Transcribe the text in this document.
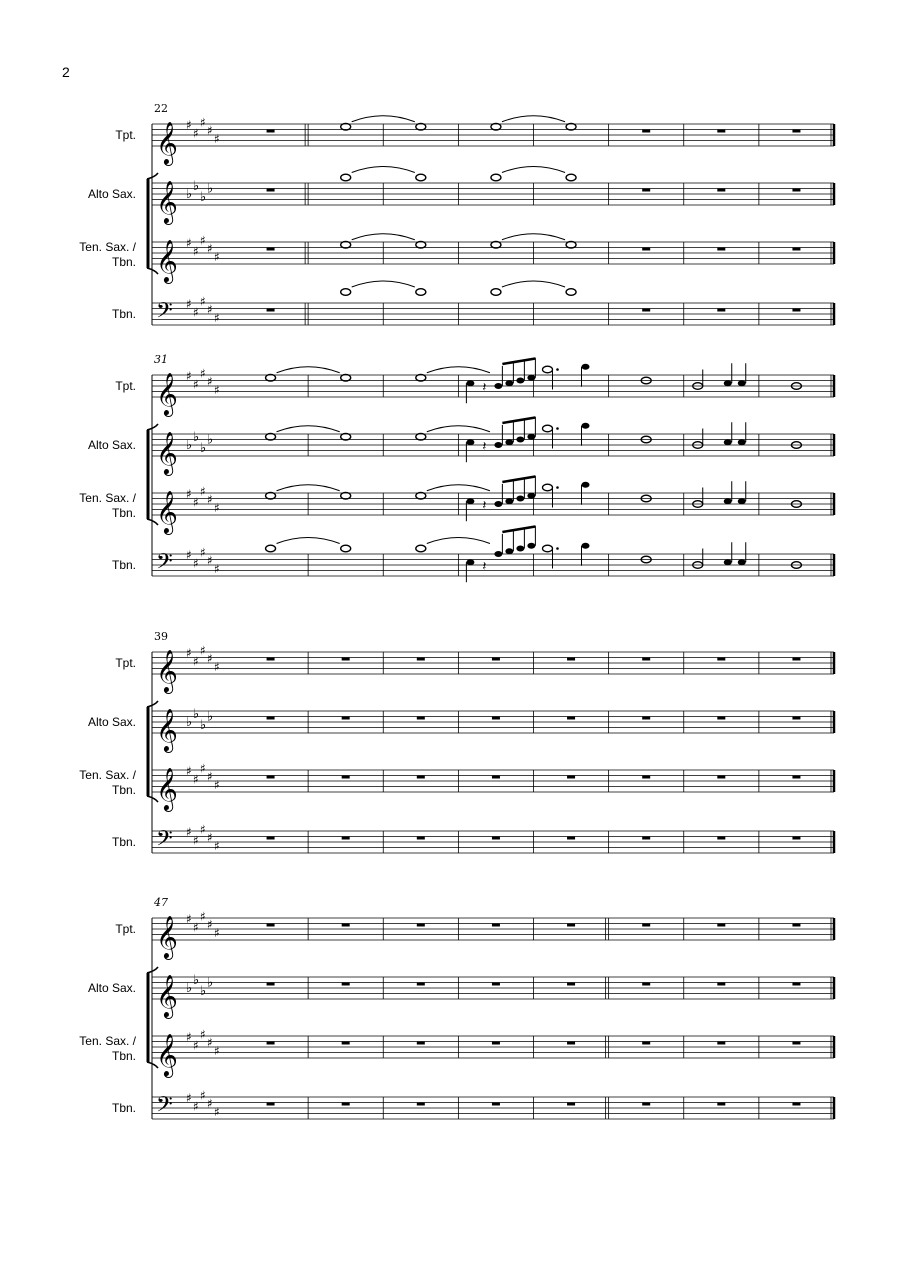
2
22
Tpt. 𝄞 ♯
♯
♯
♯
♯
Alto Sax. 𝄞 ♭
♭
♭
♭
Ten. Sax. /
Tbn. 𝄞 ♯
♯
♯
♯
♯
Tbn. 𝄢 ♯
♯
♯
♯
♯
31
Tpt. 𝄞 ♯
♯
♯
♯
♯	𝄽
Alto Sax. 𝄞 ♭
♭
♭
♭	𝄽
Ten. Sax. /
Tbn. 𝄞 ♯
♯
♯
♯
♯	𝄽
Tbn. 𝄢 ♯
♯
♯
♯
♯	𝄽
39
Tpt. 𝄞 ♯
♯
♯
♯
♯
Alto Sax. 𝄞 ♭
♭
♭
♭
Ten. Sax. /
Tbn. 𝄞 ♯
♯
♯
♯
♯
Tbn. 𝄢 ♯
♯
♯
♯
♯
47
Tpt. 𝄞 ♯
♯
♯
♯
♯
Alto Sax. 𝄞 ♭
♭
♭
♭
Ten. Sax. /
Tbn. 𝄞 ♯
♯
♯
♯
♯
Tbn. 𝄢 ♯
♯
♯
♯
♯
